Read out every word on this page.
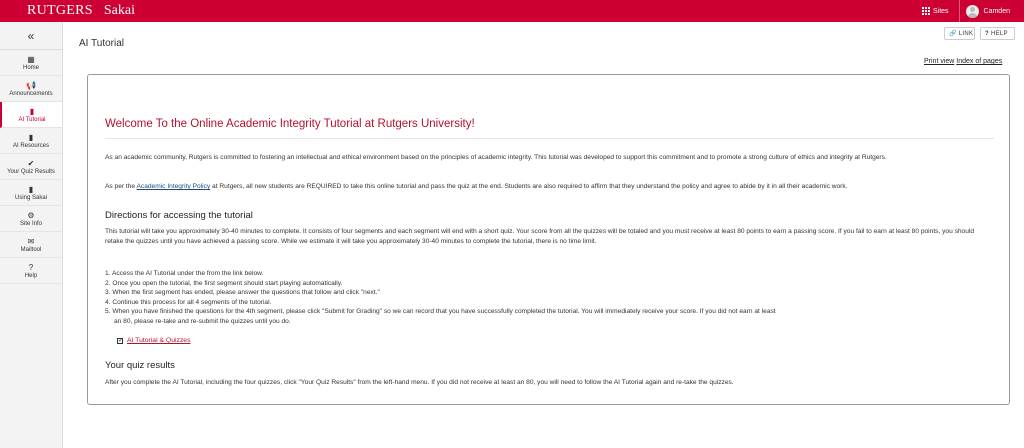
RUTGERS Sakai	Sites	Camden
«
▦
Home
📢
Announcements
▮
AI Tutorial
▮
AI Resources
✔
Your Quiz Results
▮
Using Sakai
⚙
Site Info
✉
Mailtool
?
Help
AI Tutorial
🔗 LINK ? HELP
Print view Index of pages
Welcome To the Online Academic Integrity Tutorial at Rutgers University!
As an academic community, Rutgers is committed to fostering an intellectual and ethical environment based on the principles of academic integrity. This tutorial was developed to support this commitment and to promote a strong culture of ethics and integrity at Rutgers.
As per the Academic Integrity Policy at Rutgers, all new students are REQUIRED to take this online tutorial and pass the quiz at the end. Students are also required to affirm that they understand the policy and agree to abide by it in all their academic work.
Directions for accessing the tutorial
This tutorial will take you approximately 30-40 minutes to complete. It consists of four segments and each segment will end with a short quiz. Your score from all the quizzes will be totaled and you must receive at least 80 points to earn a passing score. If you fail to earn at least 80 points, you should retake the quizzes until you have achieved a passing score. While we estimate it will take you approximately 30-40 minutes to complete the tutorial, there is no time limit.
1. Access the AI Tutorial under the from the link below.
2. Once you open the tutorial, the first segment should start playing automatically.
3. When the first segment has ended, please answer the questions that follow and click "next."
4. Continue this process for all 4 segments of the tutorial.
5. When you have finished the questions for the 4th segment, please click "Submit for Grading" so we can record that you have successfully completed the tutorial. You will immediately receive your score. If you did not earn at least
an 80, please re-take and re-submit the quizzes until you do.
✓
AI Tutorial & Quizzes
Your quiz results
After you complete the AI Tutorial, including the four quizzes, click "Your Quiz Results" from the left-hand menu. If you did not receive at least an 80, you will need to follow the AI Tutorial again and re-take the quizzes.
